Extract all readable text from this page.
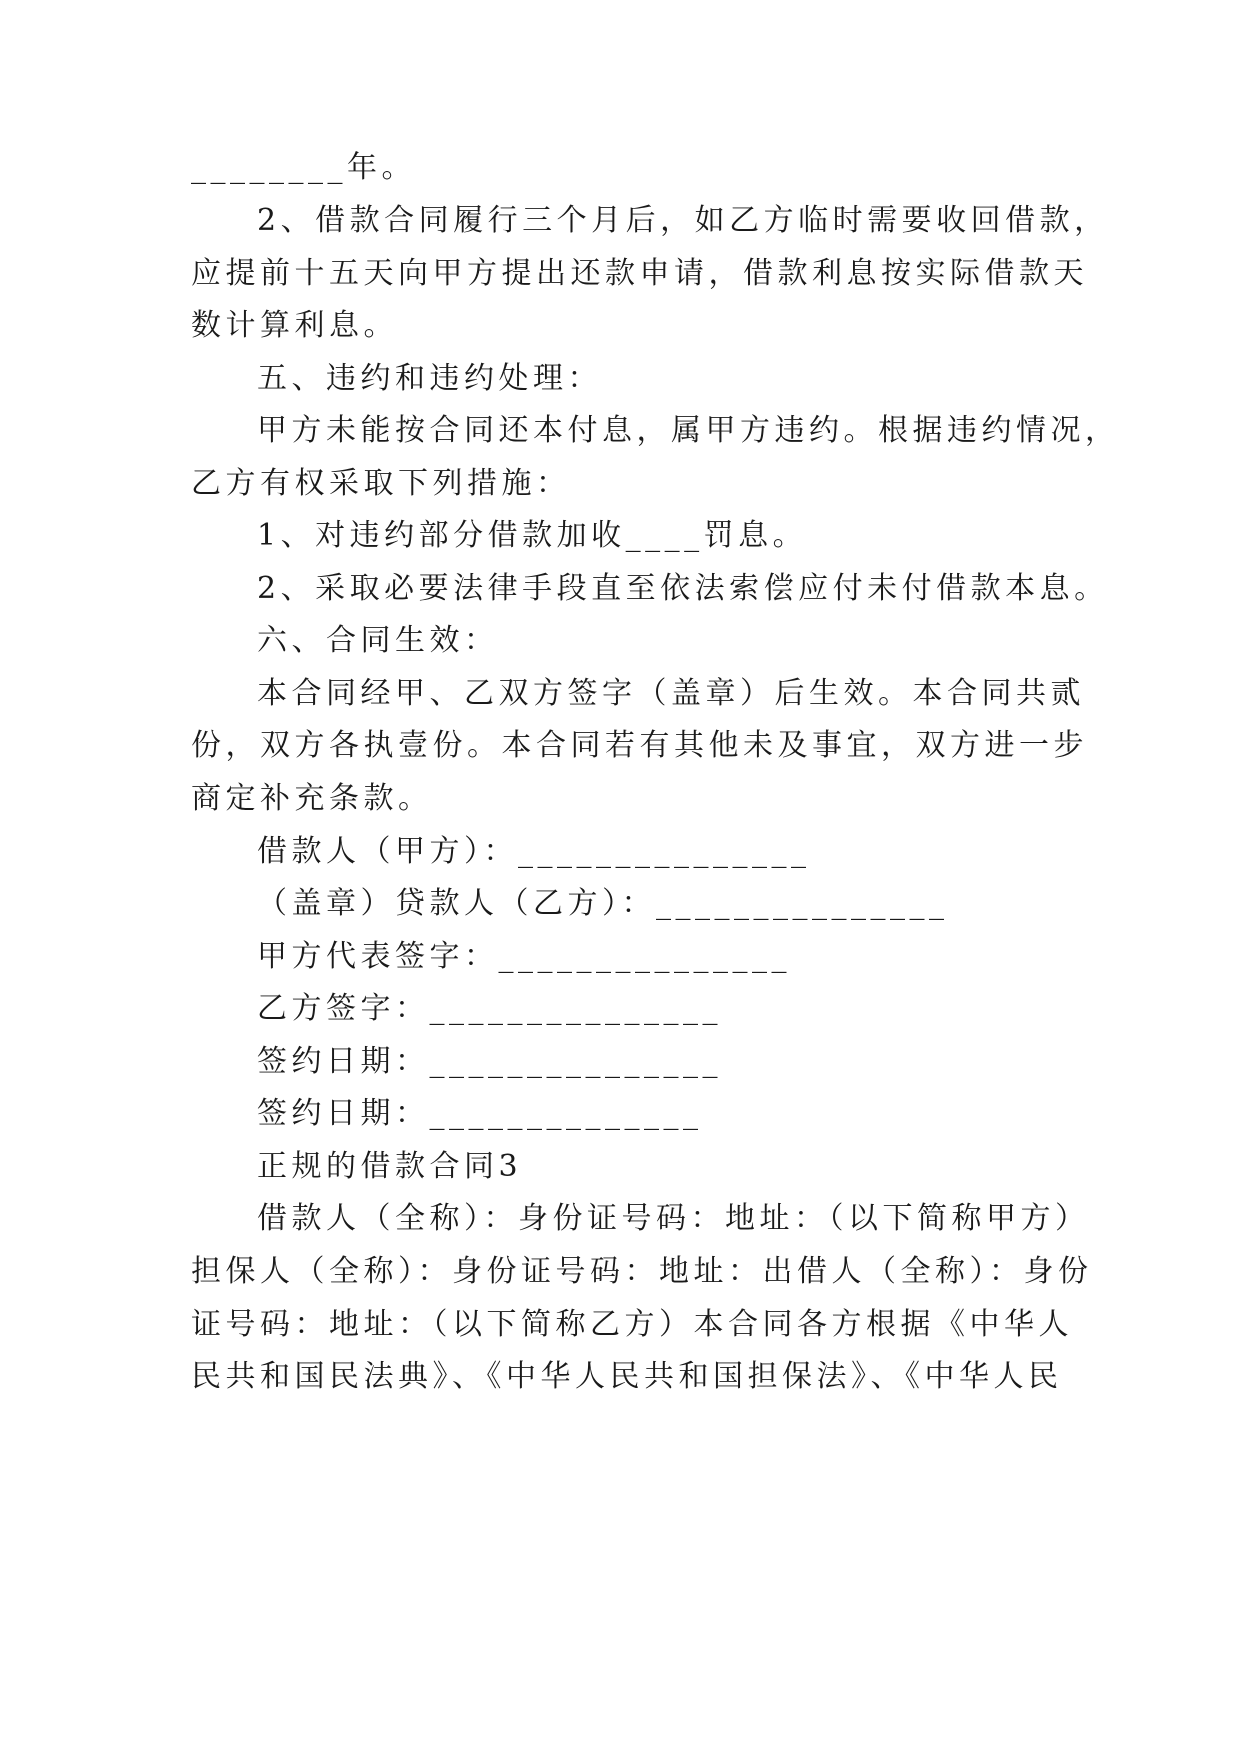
________年。
2、借款合同履行三个月后，如乙方临时需要收回借款，
应提前十五天向甲方提出还款申请，借款利息按实际借款天
数计算利息。
五、违约和违约处理：
甲方未能按合同还本付息，属甲方违约。根据违约情况，
乙方有权采取下列措施：
1、对违约部分借款加收____罚息。
2、采取必要法律手段直至依法索偿应付未付借款本息。
六、合同生效：
本合同经甲、乙双方签字（盖章）后生效。本合同共贰
份，双方各执壹份。本合同若有其他未及事宜，双方进一步
商定补充条款。
借款人（甲方）：_______________
（盖章）贷款人（乙方）：_______________
甲方代表签字：_______________
乙方签字：_______________
签约日期：_______________
签约日期：______________
正规的借款合同3
借款人（全称）：身份证号码：地址：（以下简称甲方）
担保人（全称）：身份证号码：地址：出借人（全称）：身份
证号码：地址：（以下简称乙方）本合同各方根据《中华人
民共和国民法典》、《中华人民共和国担保法》、《中华人民
